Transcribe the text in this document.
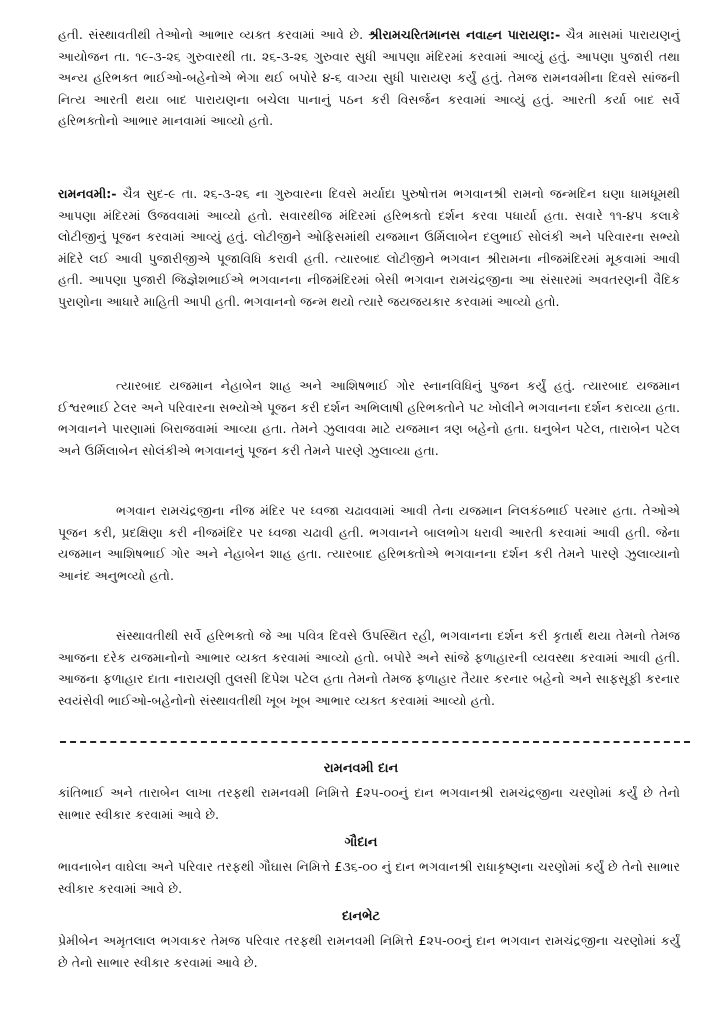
હતી. સંસ્થાવતીથી તેઓનો આભાર વ્યક્ત કરવામાં આવે છે. શ્રીરામચરિતમાનસ નવાહ્ન પારાયણ:- ચૈત્ર માસમાં પારાયણનું આયોજન તા. ૧૯-૩-૨૬ ગુરુવારથી તા. ૨૬-૩-૨૬ ગુરુવાર સુધી આપણા મંદિરમાં કરવામાં આવ્યું હતું. આપણા પુજારી તથા અન્ય હરિભક્ત ભાઈઓ-બહેનોએ ભેગા થઈ બપોરે ૪-૬ વાગ્યા સુધી પારાયણ કર્યું હતું. તેમજ રામનવમીના દિવસે સાંજની નિત્ય આરતી થયા બાદ પારાયણના બચેલા પાનાનું પઠન કરી વિસર્જન કરવામાં આવ્યું હતું. આરતી કર્યા બાદ સર્વે હરિભક્તોનો આભાર માનવામાં આવ્યો હતો.

રામનવમી:- ચૈત્ર સુદ-૯ તા. ૨૬-૩-૨૬ ના ગુરુવારના દિવસે મર્યાદા પુરુષોત્તમ ભગવાનશ્રી રામનો જન્મદિન ઘણા ધામધૂમથી આપણા મંદિરમાં ઉજવવામાં આવ્યો હતો. સવારથીજ મંદિરમાં હરિભક્તો દર્શન કરવા પધાર્યા હતા. સવારે ૧૧-૪૫ કલાકે લોટીજીનું પૂજન કરવામાં આવ્યું હતું. લોટીજીને ઓફિસમાંથી યજમાન ઉર્મિલાબેન દલુભાઈ સોલંકી અને પરિવારના સભ્યો મંદિરે લઈ આવી પુજારીજીએ પૂજાવિધિ કરાવી હતી. ત્યારબાદ લોટીજીને ભગવાન શ્રીરામના નીજમંદિરમાં મૂકવામાં આવી હતી. આપણા પુજારી જિજ્ઞેશભાઈએ ભગવાનના નીજમંદિરમાં બેસી ભગવાન રામચંદ્રજીના આ સંસારમાં અવતરણની વૈદિક પુરાણોના આધારે માહિતી આપી હતી. ભગવાનનો જન્મ થયો ત્યારે જયજયકાર કરવામાં આવ્યો હતો.

ત્યારબાદ યજમાન નેહાબેન શાહ અને આશિષભાઈ ગોર સ્નાનવિધિનું પુજન કર્યું હતું. ત્યારબાદ યજમાન ઈશ્વરભાઈ ટેલર અને પરિવારના સભ્યોએ પૂજન કરી દર્શન અભિલાષી હરિભક્તોને પટ ખોલીને ભગવાનના દર્શન કરાવ્યા હતા. ભગવાનને પારણામાં બિરાજવામાં આવ્યા હતા. તેમને ઝુલાવવા માટે યજમાન ત્રણ બહેનો હતા. ઘનુબેન પટેલ, તારાબેન પટેલ અને ઉર્મિલાબેન સોલંકીએ ભગવાનનું પૂજન કરી તેમને પારણે ઝુલાવ્યા હતા.

ભગવાન રામચંદ્રજીના નીજ મંદિર પર ધ્વજા ચઢાવવામાં આવી તેના યજમાન નિલકંઠભાઈ પરમાર હતા. તેઓએ પૂજન કરી, પ્રદક્ષિણા કરી નીજમંદિર પર ધ્વજા ચઢાવી હતી. ભગવાનને બાલભોગ ધરાવી આરતી કરવામાં આવી હતી. જેના યજમાન આશિષભાઈ ગોર અને નેહાબેન શાહ હતા. ત્યારબાદ હરિભક્તોએ ભગવાનના દર્શન કરી તેમને પારણે ઝુલાવ્યાનો આનંદ અનુભવ્યો હતો.

સંસ્થાવતીથી સર્વે હરિભક્તો જે આ પવિત્ર દિવસે ઉપસ્થિત રહી, ભગવાનના દર્શન કરી કૃતાર્થ થયા તેમનો તેમજ આજના દરેક યજમાનોનો આભાર વ્યક્ત કરવામાં આવ્યો હતો. બપોરે અને સાંજે ફળાહારની વ્યવસ્થા કરવામાં આવી હતી. આજના ફળાહાર દાતા નારાયણી તુલસી દિપેશ પટેલ હતા તેમનો તેમજ ફળાહાર તૈયાર કરનાર બહેનો અને સાફસૂફી કરનાર સ્વયંસેવી ભાઈઓ-બહેનોનો સંસ્થાવતીથી ખૂબ ખૂબ આભાર વ્યક્ત કરવામાં આવ્યો હતો.

રામનવમી દાન

કાંતિભાઈ અને તારાબેન લાખા તરફથી રામનવમી નિમિત્તે £૨૫-૦૦નું દાન ભગવાનશ્રી રામચંદ્રજીના ચરણોમાં કર્યું છે તેનો સાભાર સ્વીકાર કરવામાં આવે છે.

ગૌદાન

ભાવનાબેન વાઘેલા અને પરિવાર તરફથી ગૌઘાસ નિમિત્તે £૩૬-૦૦ નું દાન ભગવાનશ્રી રાધાકૃષ્ણના ચરણોમાં કર્યું છે તેનો સાભાર સ્વીકાર કરવામાં આવે છે.

દાનભેટ

પ્રેમીબેન અમૃતલાલ ભગવાકર તેમજ પરિવાર તરફથી રામનવમી નિમિત્તે £૨૫-૦૦નું દાન ભગવાન રામચંદ્રજીના ચરણોમાં કર્યું છે તેનો સાભાર સ્વીકાર કરવામાં આવે છે.
